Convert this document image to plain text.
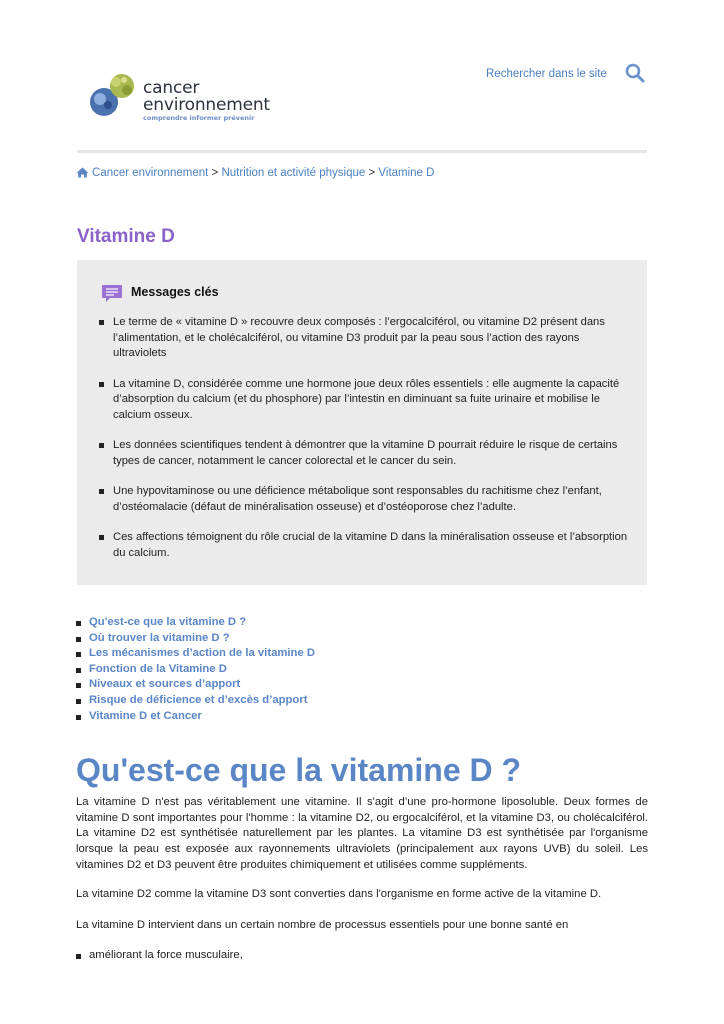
cancer
environnement
comprendre informer prévenir
Rechercher dans le site
Cancer environnement > Nutrition et activité physique > Vitamine D
Vitamine D
Messages clés
Le terme de « vitamine D » recouvre deux composés : l’ergocalciférol, ou vitamine D2 présent dans l’alimentation, et le cholécalciférol, ou vitamine D3 produit par la peau sous l’action des rayons ultraviolets
La vitamine D, considérée comme une hormone joue deux rôles essentiels : elle augmente la capacité d’absorption du calcium (et du phosphore) par l’intestin en diminuant sa fuite urinaire et mobilise le calcium osseux.
Les données scientifiques tendent à démontrer que la vitamine D pourrait réduire le risque de certains types de cancer, notamment le cancer colorectal et le cancer du sein.
Une hypovitaminose ou une déficience métabolique sont responsables du rachitisme chez l’enfant, d’ostéomalacie (défaut de minéralisation osseuse) et d’ostéoporose chez l’adulte.
Ces affections témoignent du rôle crucial de la vitamine D dans la minéralisation osseuse et l’absorption du calcium.
Qu'est-ce que la vitamine D ?
Où trouver la vitamine D ?
Les mécanismes d’action de la vitamine D
Fonction de la Vitamine D
Niveaux et sources d’apport
Risque de déficience et d’excès d’apport
Vitamine D et Cancer
Qu'est-ce que la vitamine D ?

La vitamine D n'est pas véritablement une vitamine. Il s'agit d’une pro-hormone liposoluble. Deux formes de vitamine D sont importantes pour l'homme : la vitamine D2, ou ergocalciférol, et la vitamine D3, ou cholécalciférol. La vitamine D2 est synthétisée naturellement par les plantes. La vitamine D3 est synthétisée par l'organisme lorsque la peau est exposée aux rayonnements ultraviolets (principalement aux rayons UVB) du soleil. Les vitamines D2 et D3 peuvent être produites chimiquement et utilisées comme suppléments.

La vitamine D2 comme la vitamine D3 sont converties dans l'organisme en forme active de la vitamine D.

La vitamine D intervient dans un certain nombre de processus essentiels pour une bonne santé en

améliorant la force musculaire,
